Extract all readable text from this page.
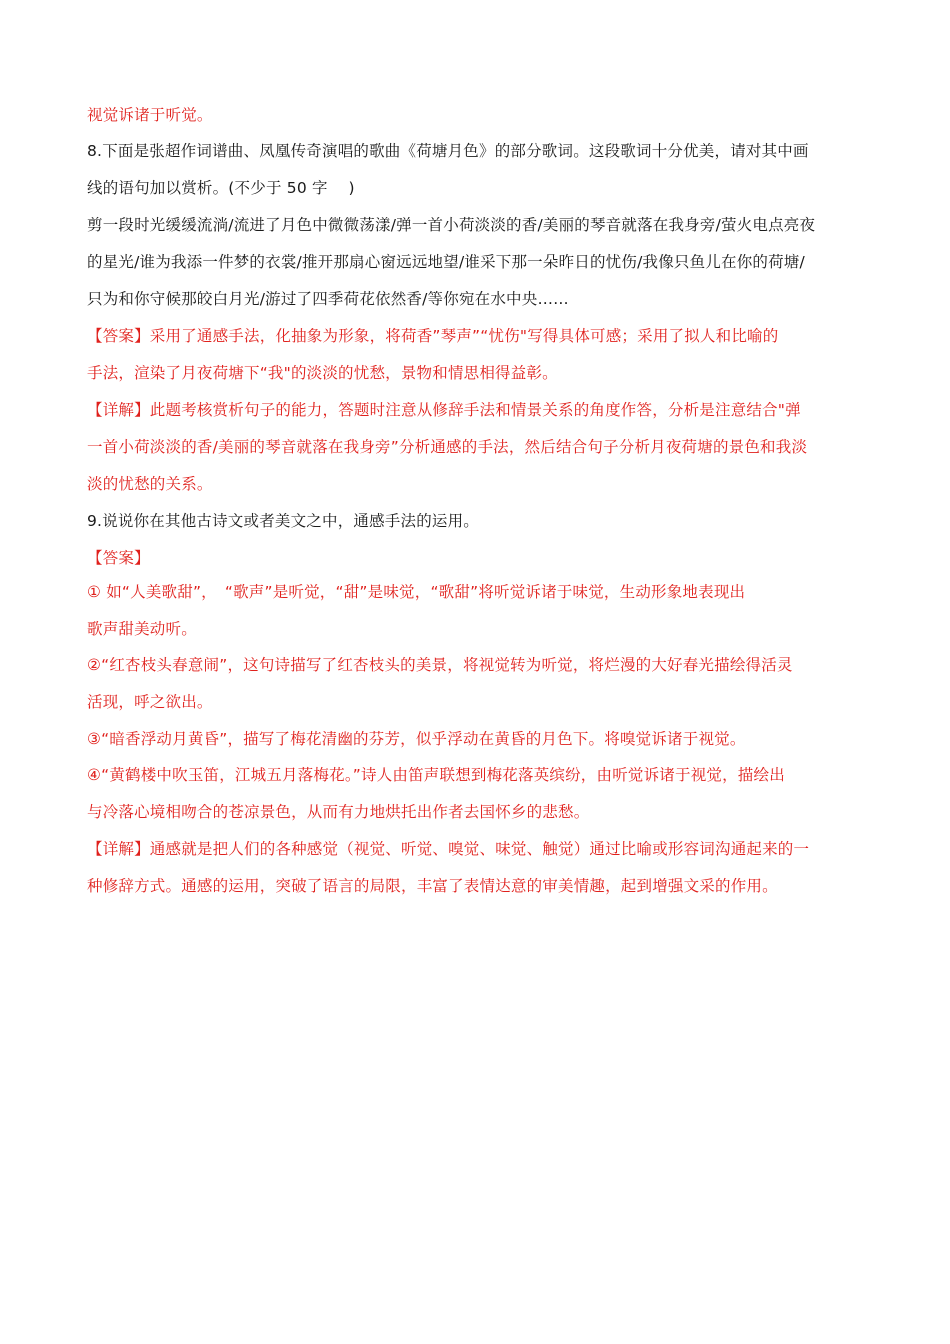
视觉诉诸于听觉。
8.下面是张超作词谱曲、凤凰传奇演唱的歌曲《荷塘月色》的部分歌词。这段歌词十分优美，请对其中画
线的语句加以赏析。(不少于 50 字 　)
剪一段时光缓缓流淌/流进了月色中微微荡漾/弹一首小荷淡淡的香/美丽的琴音就落在我身旁/萤火电点亮夜
的星光/谁为我添一件梦的衣裳/推开那扇心窗远远地望/谁采下那一朵昨日的忧伤/我像只鱼儿在你的荷塘/
只为和你守候那皎白月光/游过了四季荷花依然香/等你宛在水中央……
【答案】采用了通感手法，化抽象为形象，将荷香”琴声”“忧伤"写得具体可感；采用了拟人和比喻的
手法，渲染了月夜荷塘下“我"的淡淡的忧愁，景物和情思相得益彰。
【详解】此题考核赏析句子的能力，答题时注意从修辞手法和情景关系的角度作答，分析是注意结合"弹
一首小荷淡淡的香/美丽的琴音就落在我身旁”分析通感的手法，然后结合句子分析月夜荷塘的景色和我淡
淡的忧愁的关系。
9.说说你在其他古诗文或者美文之中，通感手法的运用。
【答案】
① 如“人美歌甜”，　“歌声”是听觉，“甜”是味觉，“歌甜”将听觉诉诸于味觉，生动形象地表现出
歌声甜美动听。
②“红杏枝头春意闹”，这句诗描写了红杏枝头的美景，将视觉转为听觉，将烂漫的大好春光描绘得活灵
活现，呼之欲出。
③“暗香浮动月黄昏”，描写了梅花清幽的芬芳，似乎浮动在黄昏的月色下。将嗅觉诉诸于视觉。
④“黄鹤楼中吹玉笛，江城五月落梅花。”诗人由笛声联想到梅花落英缤纷，由听觉诉诸于视觉，描绘出
与冷落心境相吻合的苍凉景色，从而有力地烘托出作者去国怀乡的悲愁。
【详解】通感就是把人们的各种感觉（视觉、听觉、嗅觉、味觉、触觉）通过比喻或形容词沟通起来的一
种修辞方式。通感的运用，突破了语言的局限，丰富了表情达意的审美情趣，起到增强文采的作用。
